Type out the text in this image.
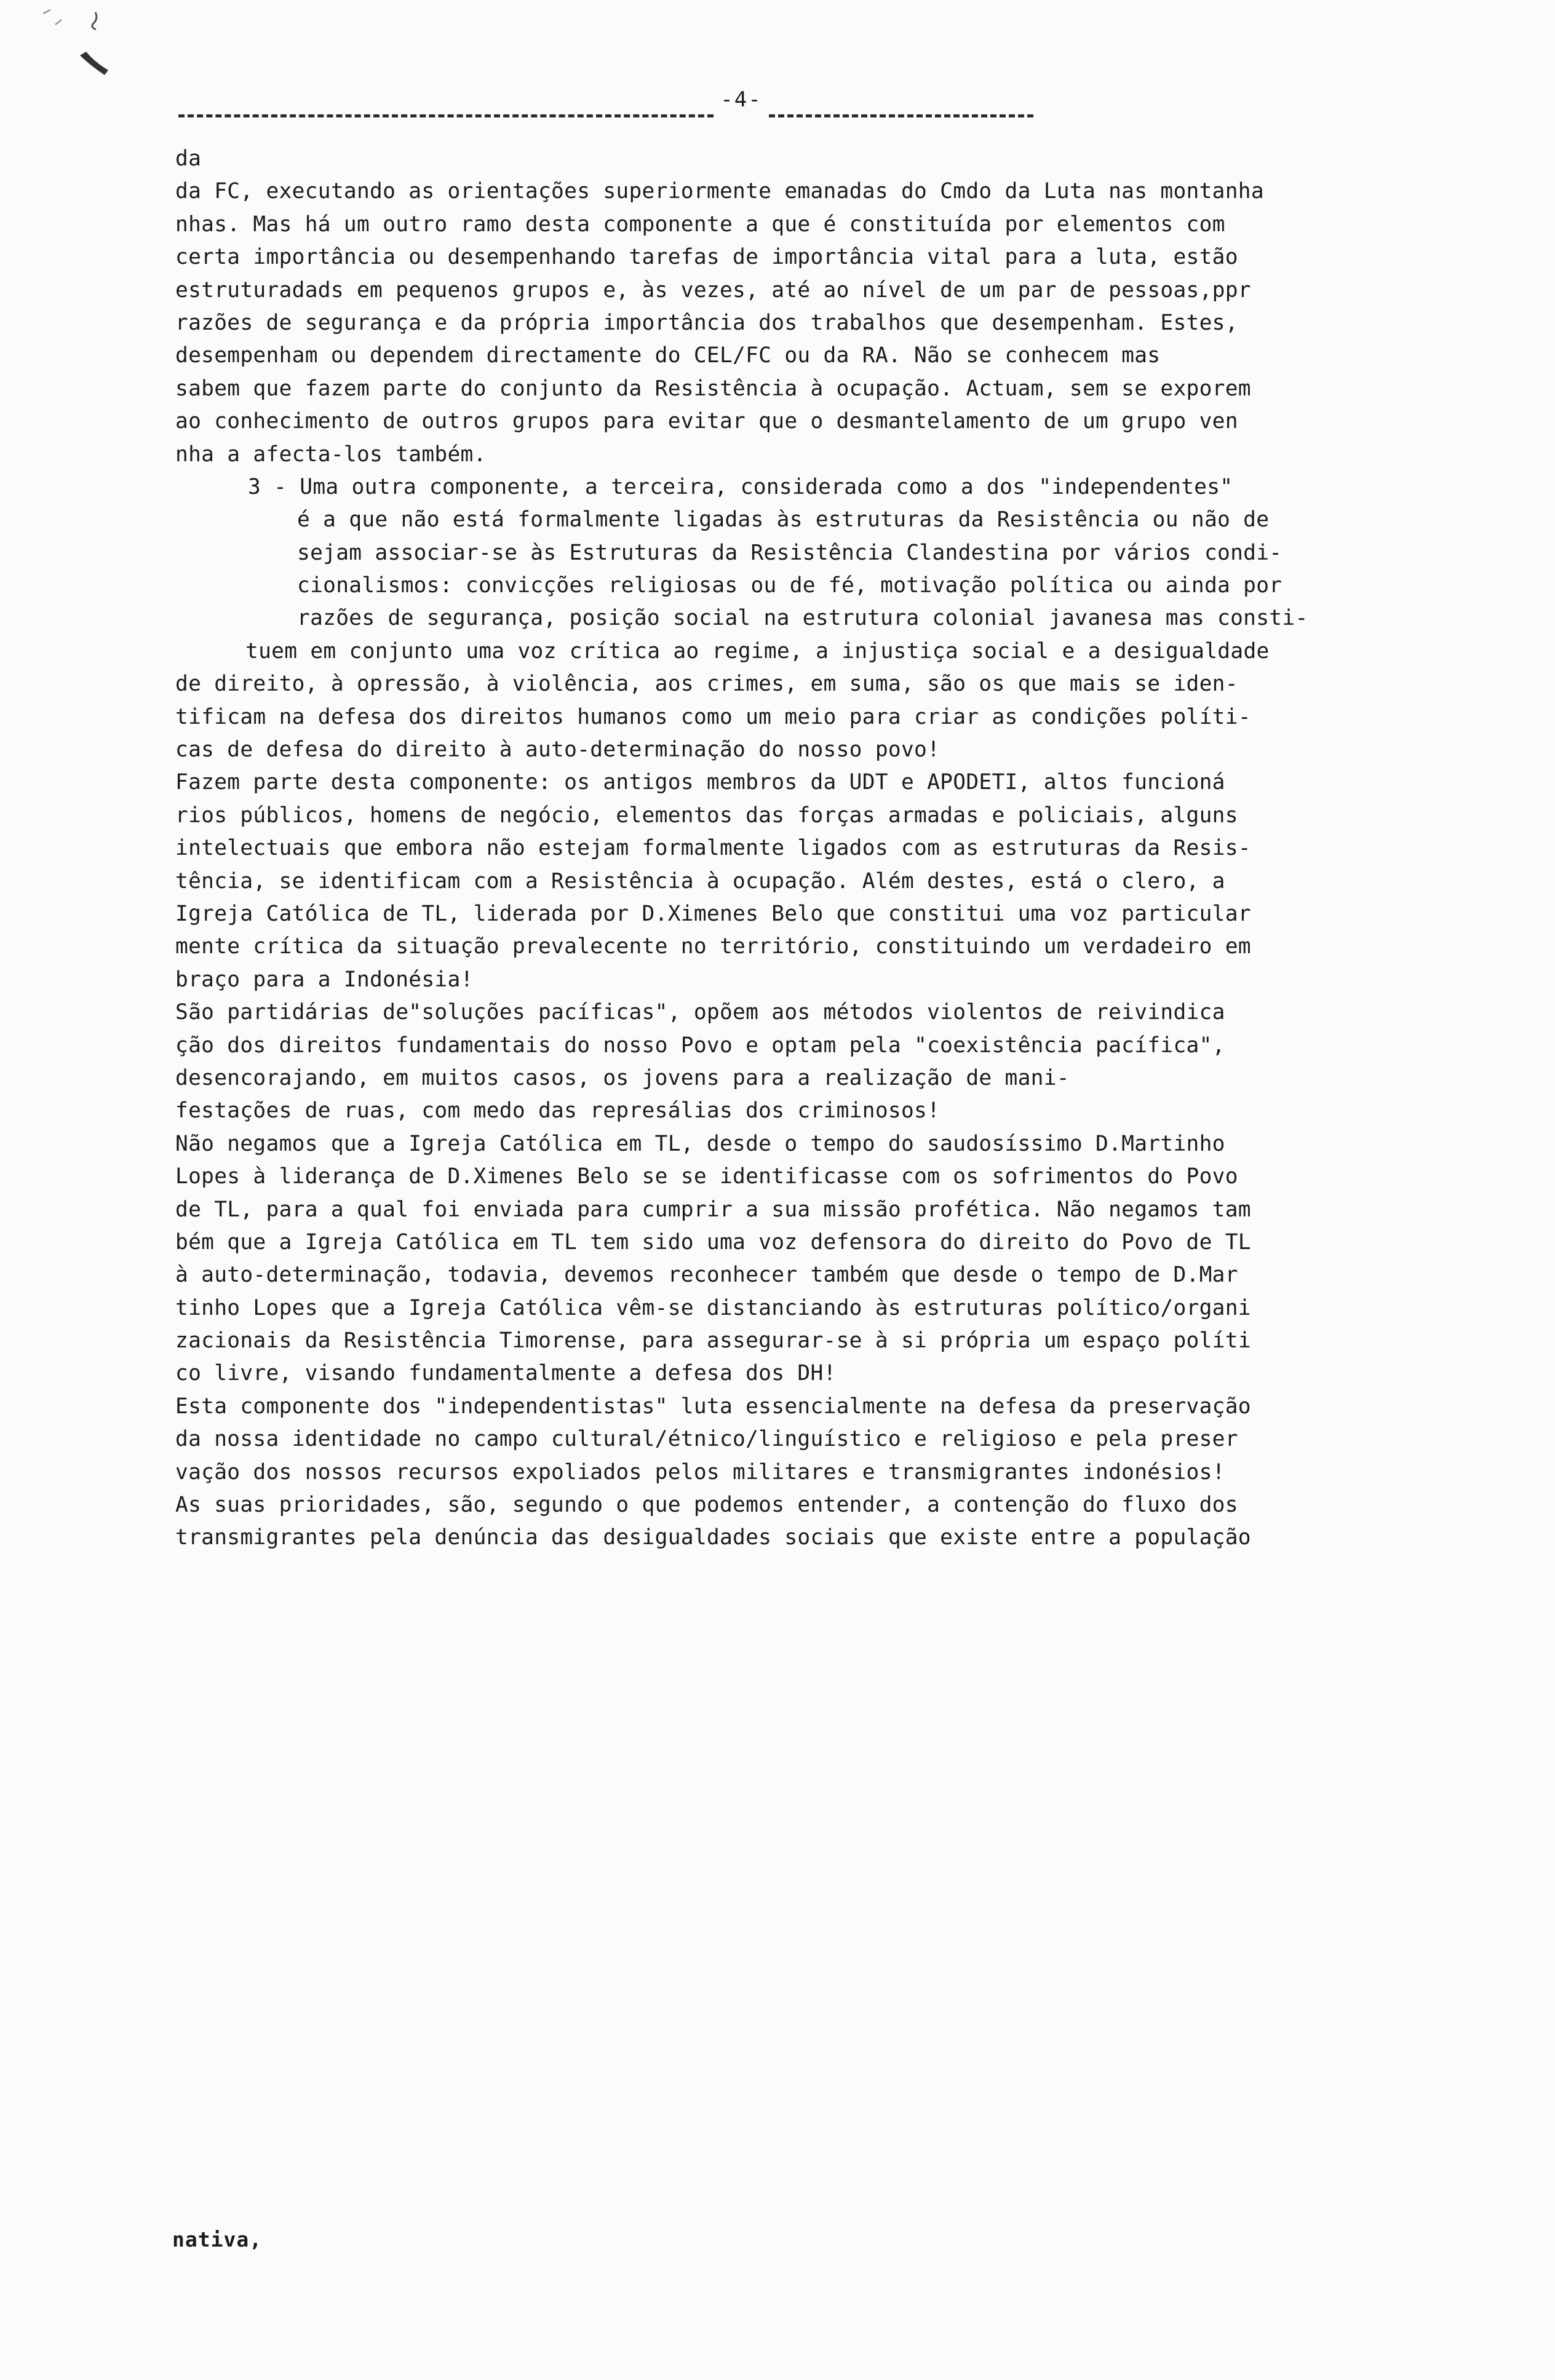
-4-
da
da FC, executando as orientações superiormente emanadas do Cmdo da Luta nas montanha
nhas. Mas há um outro ramo desta componente a que é constituída por elementos com
certa importância ou desempenhando tarefas de importância vital para a luta, estão
estruturadads em pequenos grupos e, às vezes, até ao nível de um par de pessoas,ppr
razões de segurança e da própria importância dos trabalhos que desempenham. Estes,
desempenham ou dependem directamente do CEL/FC ou da RA. Não se conhecem mas
sabem que fazem parte do conjunto da Resistência à ocupação. Actuam, sem se exporem
ao conhecimento de outros grupos para evitar que o desmantelamento de um grupo ven
nha a afecta-los também.
3 - Uma outra componente, a terceira, considerada como a dos "independentes"
é a que não está formalmente ligadas às estruturas da Resistência ou não de
sejam associar-se às Estruturas da Resistência Clandestina por vários condi-
cionalismos: convicções religiosas ou de fé, motivação política ou ainda por
razões de segurança, posição social na estrutura colonial javanesa mas consti-
tuem em conjunto uma voz crítica ao regime, a injustiça social e a desigualdade
de direito, à opressão, à violência, aos crimes, em suma, são os que mais se iden-
tificam na defesa dos direitos humanos como um meio para criar as condições políti-
cas de defesa do direito à auto-determinação do nosso povo!
Fazem parte desta componente: os antigos membros da UDT e APODETI, altos funcioná
rios públicos, homens de negócio, elementos das forças armadas e policiais, alguns
intelectuais que embora não estejam formalmente ligados com as estruturas da Resis-
tência, se identificam com a Resistência à ocupação. Além destes, está o clero, a
Igreja Católica de TL, liderada por D.Ximenes Belo que constitui uma voz particular
mente crítica da situação prevalecente no território, constituindo um verdadeiro em
braço para a Indonésia!
São partidárias de"soluções pacíficas", opõem aos métodos violentos de reivindica
ção dos direitos fundamentais do nosso Povo e optam pela "coexistência pacífica",
desencorajando, em muitos casos, os jovens para a realização de mani-
festações de ruas, com medo das represálias dos criminosos!
Não negamos que a Igreja Católica em TL, desde o tempo do saudosíssimo D.Martinho
Lopes à liderança de D.Ximenes Belo se se identificasse com os sofrimentos do Povo
de TL, para a qual foi enviada para cumprir a sua missão profética. Não negamos tam
bém que a Igreja Católica em TL tem sido uma voz defensora do direito do Povo de TL
à auto-determinação, todavia, devemos reconhecer também que desde o tempo de D.Mar
tinho Lopes que a Igreja Católica vêm-se distanciando às estruturas político/organi
zacionais da Resistência Timorense, para assegurar-se à si própria um espaço políti
co livre, visando fundamentalmente a defesa dos DH!
Esta componente dos "independentistas" luta essencialmente na defesa da preservação
da nossa identidade no campo cultural/étnico/linguístico e religioso e pela preser
vação dos nossos recursos expoliados pelos militares e transmigrantes indonésios!
As suas prioridades, são, segundo o que podemos entender, a contenção do fluxo dos
transmigrantes pela denúncia das desigualdades sociais que existe entre a população
nativa,
